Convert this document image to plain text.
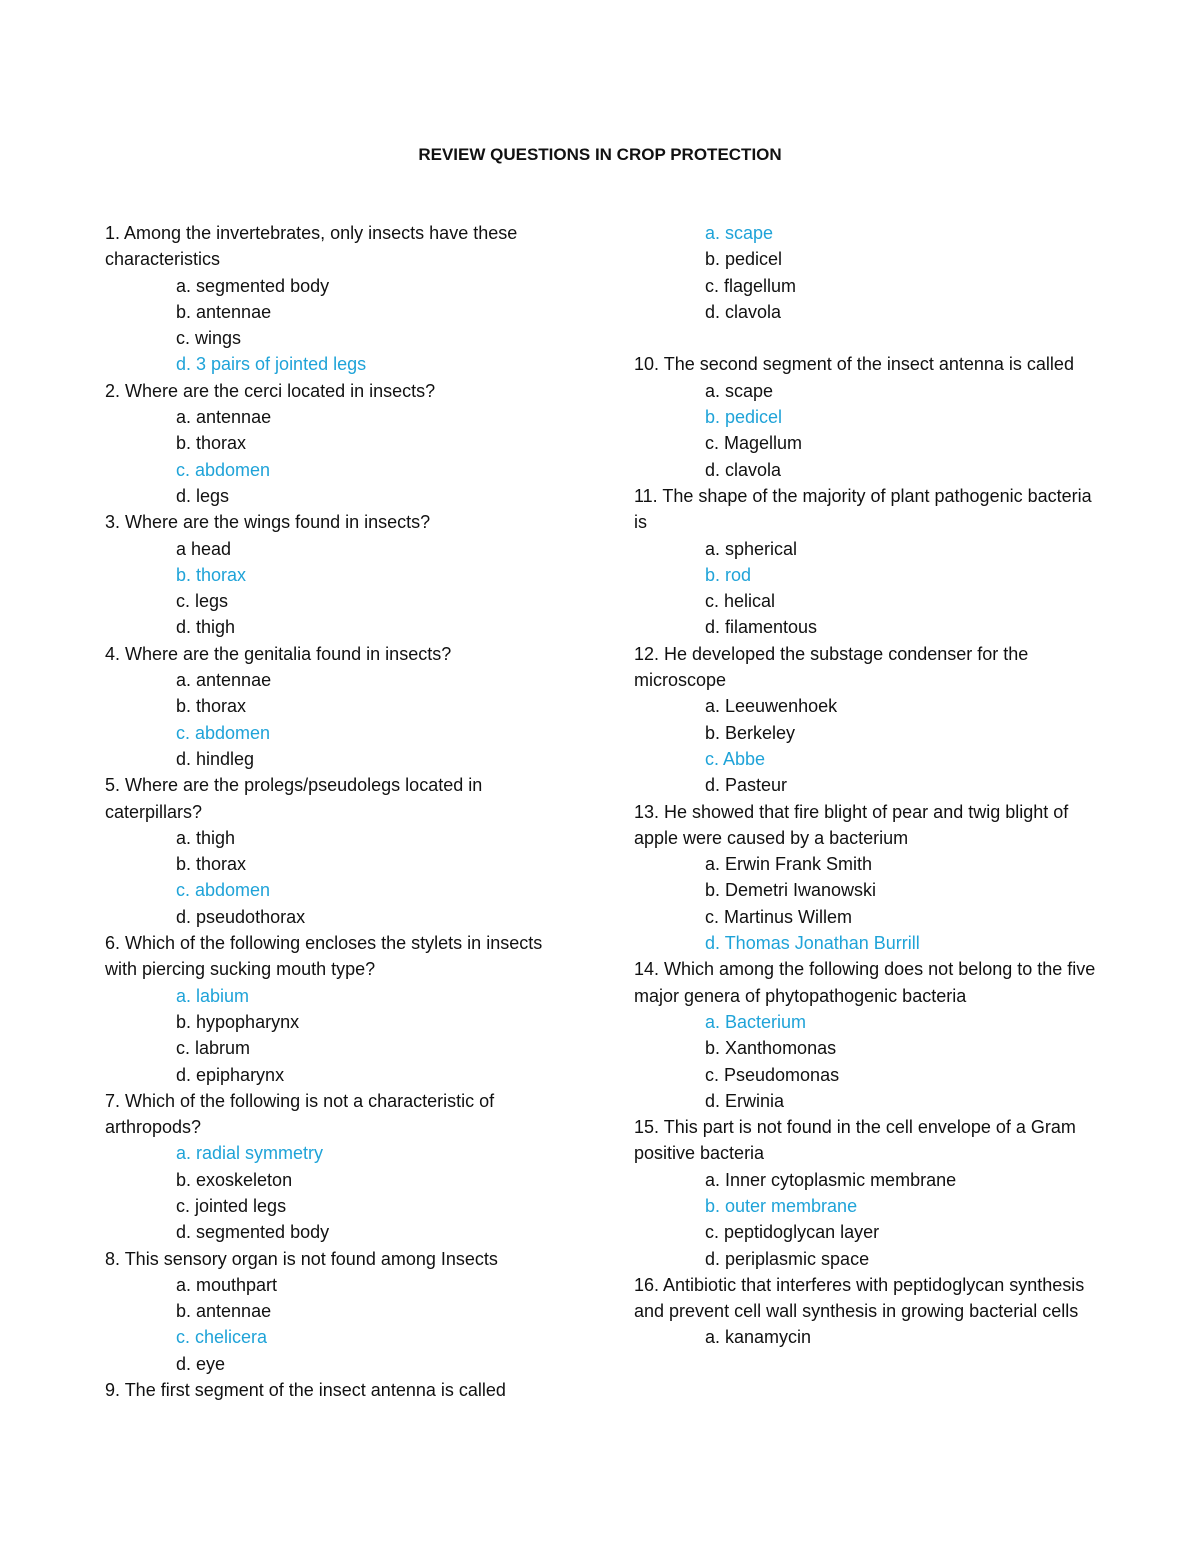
REVIEW QUESTIONS IN CROP PROTECTION
1. Among the invertebrates, only insects have these characteristics
a. segmented body
b. antennae
c. wings
d. 3 pairs of jointed legs
2. Where are the cerci located in insects?
a. antennae
b. thorax
c. abdomen
d. legs
3. Where are the wings found in insects?
a head
b. thorax
c. legs
d. thigh
4. Where are the genitalia found in insects?
a. antennae
b. thorax
c. abdomen
d. hindleg
5. Where are the prolegs/pseudolegs located in caterpillars?
a. thigh
b. thorax
c. abdomen
d. pseudothorax
6. Which of the following encloses the stylets in insects with piercing sucking mouth type?
a. labium
b. hypopharynx
c. labrum
d. epipharynx
7. Which of the following is not a characteristic of arthropods?
a. radial symmetry
b. exoskeleton
c. jointed legs
d. segmented body
8. This sensory organ is not found among Insects
a. mouthpart
b. antennae
c. chelicera
d. eye
9. The first segment of the insect antenna is called
a. scape
b. pedicel
c. flagellum
d. clavola
10. The second segment of the insect antenna is called
a. scape
b. pedicel
c. Magellum
d. clavola
11. The shape of the majority of plant pathogenic bacteria is
a. spherical
b. rod
c. helical
d. filamentous
12. He developed the substage condenser for the microscope
a. Leeuwenhoek
b. Berkeley
c. Abbe
d. Pasteur
13. He showed that fire blight of pear and twig blight of apple were caused by a bacterium
a. Erwin Frank Smith
b. Demetri Iwanowski
c. Martinus Willem
d. Thomas Jonathan Burrill
14. Which among the following does not belong to the five major genera of phytopathogenic bacteria
a. Bacterium
b. Xanthomonas
c. Pseudomonas
d. Erwinia
15. This part is not found in the cell envelope of a Gram positive bacteria
a. Inner cytoplasmic membrane
b. outer membrane
c. peptidoglycan layer
d. periplasmic space
16. Antibiotic that interferes with peptidoglycan synthesis and prevent cell wall synthesis in growing bacterial cells
a. kanamycin
